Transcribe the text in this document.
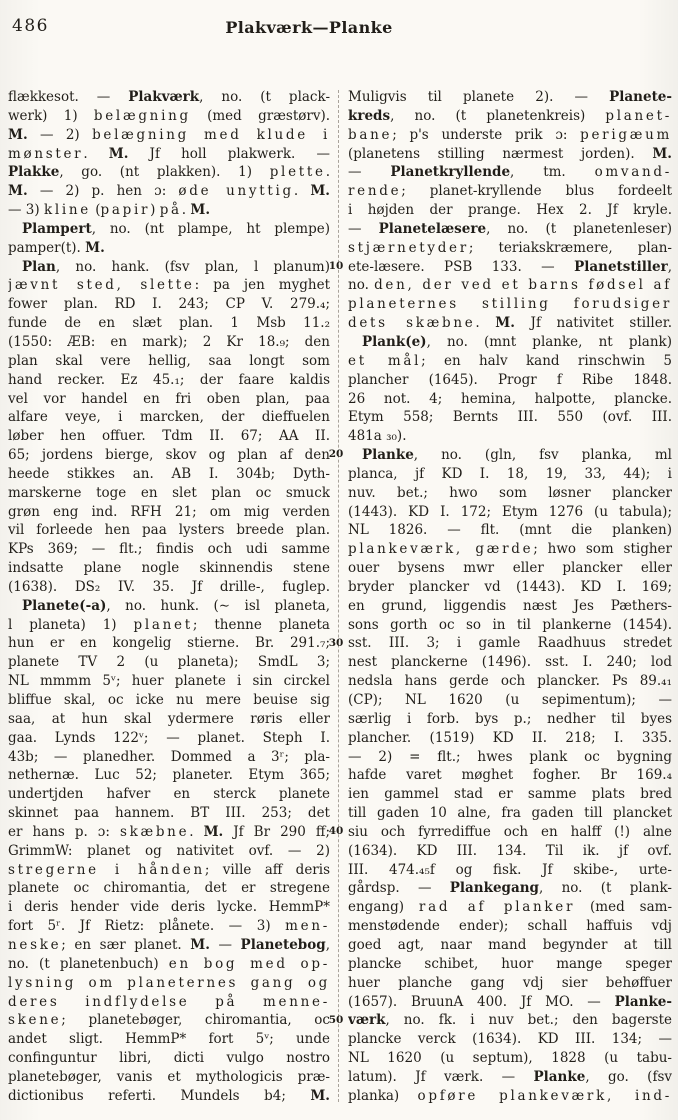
486	Plakværk—Planke
flækkesot. — Plakværk, no. (t plack-
werk) 1) belægning (med græstørv).
M. — 2) belægning med klude i
mønster. M. Jf holl plakwerk. —
Plakke, go. (nt plakken). 1) plette.
M. — 2) p. hen ɔ: øde unyttig. M.
— 3) kline (papir) på. M.
Plampert, no. (nt plampe, ht plempe)
pamper(t). M.
Plan, no. hank. (fsv plan, l planum)
jævnt sted, slette: pa jen myghet
fower plan. RD I. 243; CP V. 279.₄;
funde de en slæt plan. 1 Msb 11.₂
(1550: ÆB: en mark); 2 Kr 18.₉; den
plan skal vere hellig, saa longt som
hand recker. Ez 45.₁; der faare kaldis
vel vor handel en fri oben plan, paa
alfare veye, i marcken, der dieffuelen
løber hen offuer. Tdm II. 67; AA II.
65; jordens bierge, skov og plan af den
heede stikkes an. AB I. 304b; Dyth-
marskerne toge en slet plan oc smuck
grøn eng ind. RFH 21; om mig verden
vil forleede hen paa lysters breede plan.
KPs 369; — flt.; findis och udi samme
indsatte plane nogle skinnendis stene
(1638). DS₂ IV. 35. Jf drille-, fuglep.
Planete(-a), no. hunk. (∼ isl planeta,
l planeta) 1) planet; thenne planeta
hun er en kongelig stierne. Br. 291.₇;
planete TV 2 (u planeta); SmdL 3;
NL mmmm 5ᵛ; huer planete i sin circkel
bliffue skal, oc icke nu mere beuise sig
saa, at hun skal ydermere røris eller
gaa. Lynds 122ᵛ; — planet. Steph I.
43b; — planedher. Dommed a 3ʳ; pla-
nethernæ. Luc 52; planeter. Etym 365;
undertjden hafver en sterck planete
skinnet paa hannem. BT III. 253; det
er hans p. ɔ: skæbne. M. Jf Br 290 ff;
GrimmW: planet og nativitet ovf. — 2)
stregerne i hånden; ville aff deris
planete oc chiromantia, det er stregene
i deris hender vide deris lycke. HemmP*
fort 5ʳ. Jf Rietz: plånete. — 3) men-
neske; en sær planet. M. — Planetebog,
no. (t planetenbuch) en bog med op-
lysning om planeternes gang og
deres indflydelse på menne-
skene; planetebøger, chiromantia, oc
andet sligt. HemmP* fort 5ᵛ; unde
confinguntur libri, dicti vulgo nostro
planetebøger, vanis et mythologicis præ-
dictionibus referti. Mundels b4; M.
10
20
30
40
50
Muligvis til planete 2). — Planete-
kreds, no. (t planetenkreis) planet-
bane; p's underste prik ɔ: perigæum
(planetens stilling nærmest jorden). M.
— Planetkryllende, tm. omvand-
rende; planet-kryllende blus fordeelt
i højden der prange. Hex 2. Jf kryle.
— Planetelæsere, no. (t planetenleser)
stjærnetyder; teriakskræmere, plan-
ete-læsere. PSB 133. — Planetstiller,
no. den, der ved et barns fødsel af
planeternes stilling forudsiger
dets skæbne. M. Jf nativitet stiller.
Plank(e), no. (mnt planke, nt plank)
et mål; en halv kand rinschwin 5
plancher (1645). Progr f Ribe 1848.
26 not. 4; hemina, halpotte, plancke.
Etym 558; Bernts III. 550 (ovf. III.
481a ₃₀).
Planke, no. (gln, fsv planka, ml
planca, jf KD I. 18, 19, 33, 44); i
nuv. bet.; hwo som løsner plancker
(1443). KD I. 172; Etym 1276 (u tabula);
NL 1826. — flt. (mnt die planken)
plankeværk, gærde; hwo som stigher
ouer bysens mwr eller plancker eller
bryder plancker vd (1443). KD I. 169;
en grund, liggendis næst Jes Pæthers-
sons gorth oc so in til plankerne (1454).
sst. III. 3; i gamle Raadhuus stredet
nest planckerne (1496). sst. I. 240; lod
nedsla hans gerde och plancker. Ps 89.₄₁
(CP); NL 1620 (u sepimentum); —
særlig i forb. bys p.; nedher til byes
plancher. (1519) KD II. 218; I. 335.
— 2) = flt.; hwes plank oc bygning
hafde varet møghet fogher. Br 169.₄
ien gammel stad er samme plats bred
till gaden 10 alne, fra gaden till plancket
siu och fyrrediffue och en halff (!) alne
(1634). KD III. 134. Til ik. jf ovf.
III. 474.₄₅f og fisk. Jf skibe-, urte-
gårdsp. — Plankegang, no. (t plank-
engang) rad af planker (med sam-
menstødende ender); schall haffuis vdj
goed agt, naar mand begynder at till
plancke schibet, huor mange speger
huer planche gang vdj sier behøffuer
(1657). BruunA 400. Jf MO. — Planke-
værk, no. fk. i nuv bet.; den bagerste
plancke verck (1634). KD III. 134; —
NL 1620 (u septum), 1828 (u tabu-
latum). Jf værk. — Planke, go. (fsv
planka) opføre plankeværk, ind-
